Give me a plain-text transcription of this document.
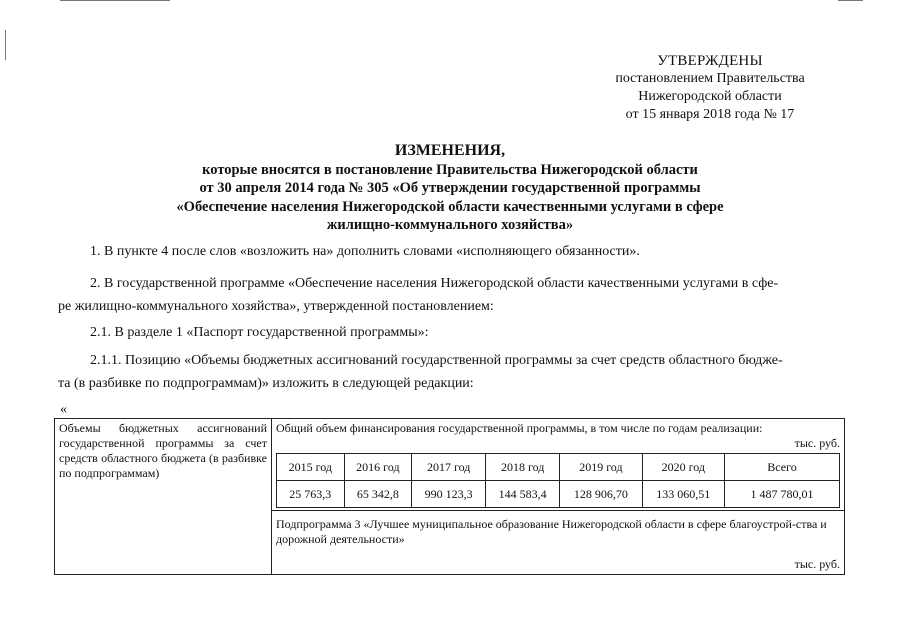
УТВЕРЖДЕНЫ
постановлением Правительства
Нижегородской области
от 15 января 2018 года № 17
ИЗМЕНЕНИЯ,
которые вносятся в постановление Правительства Нижегородской области
от 30 апреля 2014 года № 305 «Об утверждении государственной программы
«Обеспечение населения Нижегородской области качественными услугами в сфере
жилищно-коммунального хозяйства»
1. В пункте 4 после слов «возложить на» дополнить словами «исполняющего обязанности».
2. В государственной программе «Обеспечение населения Нижегородской области качественными услугами в сфе-
ре жилищно-коммунального хозяйства», утвержденной постановлением:
2.1. В разделе 1 «Паспорт государственной программы»:
2.1.1. Позицию «Объемы бюджетных ассигнований государственной программы за счет средств областного бюдже-
та (в разбивке по подпрограммам)» изложить в следующей редакции:
«
Объемы бюджетных ассигнований государственной программы за счет средств областного бюджета (в разбивке по подпрограммам)	
Общий объем финансирования государственной программы, в том числе по годам реализации:
тыс. руб.
2015 год	2016 год	2017 год	2018 год	2019 год	2020 год	Всего
25 763,3	65 342,8	990 123,3	144 583,4	128 906,70	133 060,51	1 487 780,01

Подпрограмма 3 «Лучшее муниципальное образование Нижегородской области в сфере благоустрой-ства и дорожной деятельности»
тыс. руб.
